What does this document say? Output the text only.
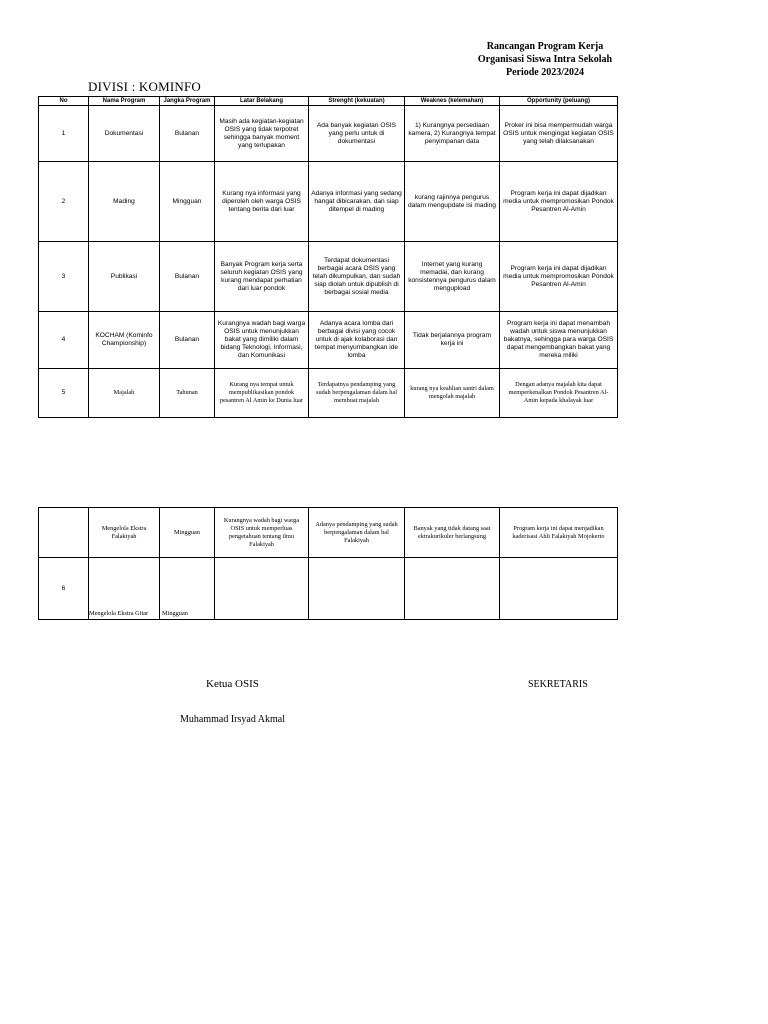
Rancangan Program Kerja
Organisasi Siswa Intra Sekolah
Periode 2023/2024
DIVISI : KOMINFO
No	Nama Program	Jangka Program	Latar Belakang	Strenght (kekuatan)	Weaknes (kelemahan)	Opportunity (peluang)
1	Dokumentasi	Bulanan	Masih ada kegiatan-kegiatan OSIS yang tidak terpotret sehingga banyak moment yang terlupakan	Ada banyak kegiatan OSIS yang perlu untuk di dokumentasi	1) Kurangnya persediaan kamera, 2) Kurangnya tempat penyimpanan data	Proker ini bisa mempermudah warga OSIS untuk mengingat kegiatan OSIS yang telah dilaksanakan
2	Mading	Mingguan	Kurang nya informasi yang diperoleh oleh warga OSIS tentang berita dari luar	Adanya informasi yang sedang hangat dibicarakan, dan siap ditempel di mading	kurang rajinnya pengurus dalam mengupdate isi mading	Program kerja ini dapat dijadikan media untuk mempromosikan Pondok Pesantren Al-Amin
3	Publikasi	Bulanan	Banyak Program kerja serta seluruh kegiatan OSIS yang kurang mendapat perhatian dari luar pondok	Terdapat dokumentasi berbagai acara OSIS yang telah dikumpulkan, dan sudah siap diolah untuk dipublish di berbagai sosial media	Internet yang kurang memadai, dan kurang konsistennya pengurus dalam mengupload	Program kerja ini dapat dijadikan media untuk mempromosikan Pondok Pesantren Al-Amin
4	KOCHAM (Kominfo Championship)	Bulanan	Kurangnya wadah bagi warga OSIS untuk menunjukkan bakat yang dimiliki dalam bidang Teknologi, Informasi, dan Komunikasi	Adanya acara lomba dari berbagai divisi yang cocok untuk di ajak kolaborasi dan tempat menyumbangkan ide lomba	Tidak berjalannya program kerja ini	Program kerja ini dapat menambah wadah untuk siswa menunjukkan bakatnya, sehingga para warga OSIS dapat mengembangkan bakat yang mereka miliki
5	Majalah	Tahunan	Kurang nya tempat untuk mempublikasikan pondok pesantren Al Amin ke Dunia luar	Terdapatnya pendamping yang sudah berpengalaman dalam hal membuat majalah	kurang nya keahlian santri dalam mengolah majalah	Dengan adanya majalah kita dapat memperkenalkan Pondok Pesantren Al-Amin kepada khalayak luar
	Mengelola Ekstra Falakiyah	Mingguan	Kurangnya wadah bagi warga OSIS untuk memperluas pengetahuan tentang ilmu Falakiyah	Adanya pendamping yang sudah berpengalaman dalam hal Falakiyah	Banyak yang tidak datang saat ektrakurikuler berlangsung	Program kerja ini dapat menjadikan kaderisasi Ahli Falakiyah Mojokerto
6	Mengelola Ekstra Gitar	Mingguan				
Ketua OSIS	SEKRETARIS
Muhammad Irsyad Akmal
